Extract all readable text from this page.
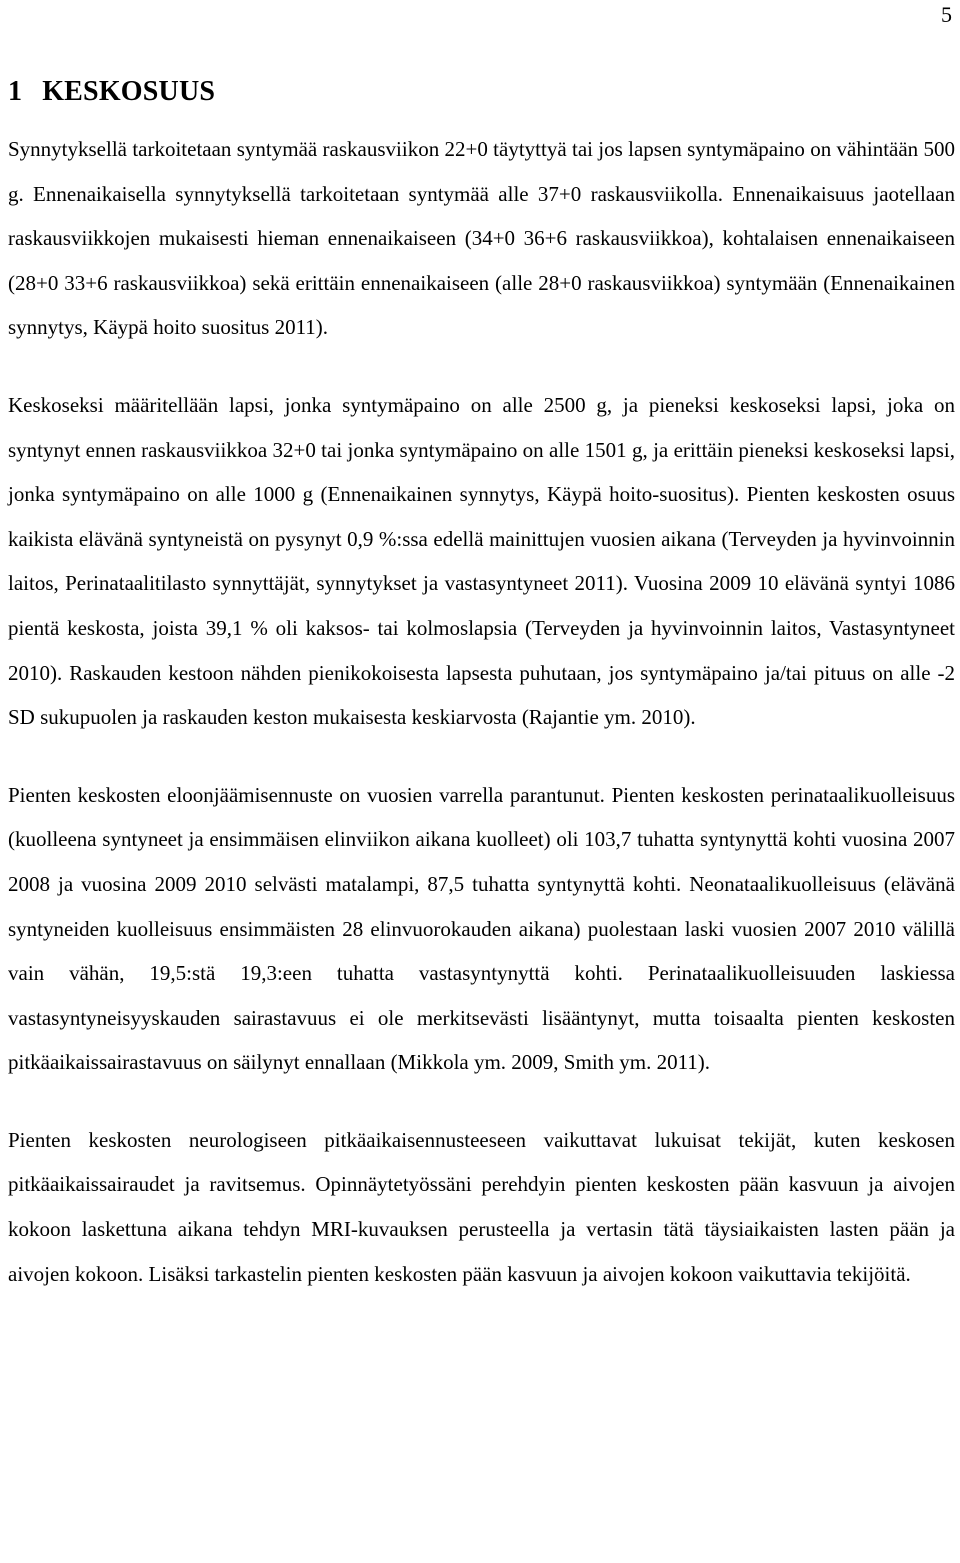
5
1 KESKOSUUS

Synnytyksellä tarkoitetaan syntymää raskausviikon 22+0 täytyttyä tai jos lapsen syntymäpaino on vähintään 500 g. Ennenaikaisella synnytyksellä tarkoitetaan syntymää alle 37+0 raskausviikolla. Ennenaikaisuus jaotellaan raskausviikkojen mukaisesti hieman ennenaikaiseen (34+0 36+6 raskausviikkoa), kohtalaisen ennenaikaiseen (28+0 33+6 raskausviikkoa) sekä erittäin ennenaikaiseen (alle 28+0 raskausviikkoa) syntymään (Ennenaikainen synnytys, Käypä hoito suositus 2011).

Keskoseksi määritellään lapsi, jonka syntymäpaino on alle 2500 g, ja pieneksi keskoseksi lapsi, joka on syntynyt ennen raskausviikkoa 32+0 tai jonka syntymäpaino on alle 1501 g, ja erittäin pieneksi keskoseksi lapsi, jonka syntymäpaino on alle 1000 g (Ennenaikainen synnytys, Käypä hoito-suositus). Pienten keskosten osuus kaikista elävänä syntyneistä on pysynyt 0,9 %:ssa edellä mainittujen vuosien aikana (Terveyden ja hyvinvoinnin laitos, Perinataalitilasto synnyttäjät, synnytykset ja vastasyntyneet 2011). Vuosina 2009 10 elävänä syntyi 1086 pientä keskosta, joista 39,1 % oli kaksos- tai kolmoslapsia (Terveyden ja hyvinvoinnin laitos, Vastasyntyneet 2010). Raskauden kestoon nähden pienikokoisesta lapsesta puhutaan, jos syntymäpaino ja/tai pituus on alle -2 SD sukupuolen ja raskauden keston mukaisesta keskiarvosta (Rajantie ym. 2010).

Pienten keskosten eloonjäämisennuste on vuosien varrella parantunut. Pienten keskosten perinataalikuolleisuus (kuolleena syntyneet ja ensimmäisen elinviikon aikana kuolleet) oli 103,7 tuhatta syntynyttä kohti vuosina 2007 2008 ja vuosina 2009 2010 selvästi matalampi, 87,5 tuhatta syntynyttä kohti. Neonataalikuolleisuus (elävänä syntyneiden kuolleisuus ensimmäisten 28 elinvuorokauden aikana) puolestaan laski vuosien 2007 2010 välillä vain vähän, 19,5:stä 19,3:een tuhatta vastasyntynyttä kohti. Perinataalikuolleisuuden laskiessa vastasyntyneisyyskauden sairastavuus ei ole merkitsevästi lisääntynyt, mutta toisaalta pienten keskosten pitkäaikaissairastavuus on säilynyt ennallaan (Mikkola ym. 2009, Smith ym. 2011).

Pienten keskosten neurologiseen pitkäaikaisennusteeseen vaikuttavat lukuisat tekijät, kuten keskosen pitkäaikaissairaudet ja ravitsemus. Opinnäytetyössäni perehdyin pienten keskosten pään kasvuun ja aivojen kokoon laskettuna aikana tehdyn MRI-kuvauksen perusteella ja vertasin tätä täysiaikaisten lasten pään ja aivojen kokoon. Lisäksi tarkastelin pienten keskosten pään kasvuun ja aivojen kokoon vaikuttavia tekijöitä.
